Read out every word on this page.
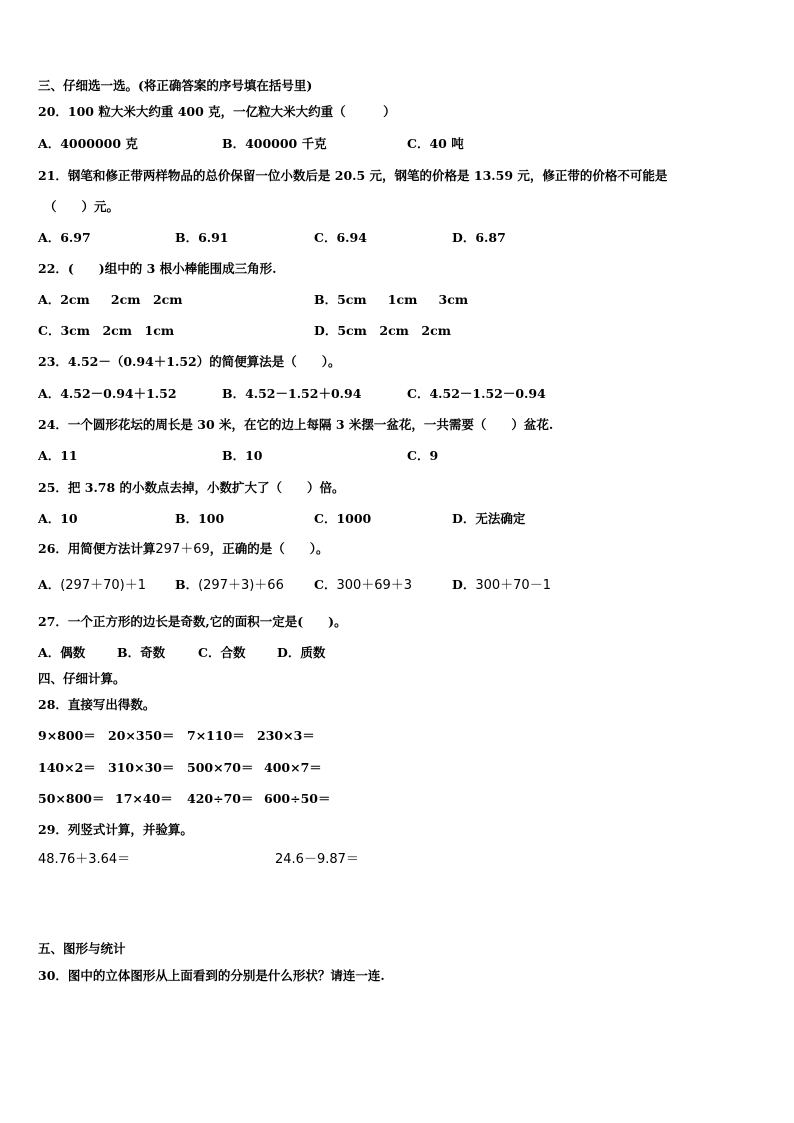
三、仔细选一选。(将正确答案的序号填在括号里)
20．100 粒大米大约重 400 克，一亿粒大米大约重（　　　）
A．4000000 克	B．400000 千克	C．40 吨
21．钢笔和修正带两样物品的总价保留一位小数后是 20.5 元，钢笔的价格是 13.59 元，修正带的价格不可能是
（　　）元。
A．6.97	B．6.91	C．6.94	D．6.87
22．(　　)组中的 3 根小棒能围成三角形.
A．2cm　  2cm　2cm	B．5cm　  1cm　  3cm
C．3cm　2cm　1cm	D．5cm　2cm　2cm
23．4.52－（0.94＋1.52）的简便算法是（　　）。
A．4.52－0.94＋1.52	B．4.52－1.52＋0.94	C．4.52－1.52－0.94
24．一个圆形花坛的周长是 30 米，在它的边上每隔 3 米摆一盆花，一共需要（　　）盆花.
A．11	B．10	C．9
25．把 3.78 的小数点去掉，小数扩大了（　　）倍。
A．10	B．100	C．1000	D．无法确定
26．用简便方法计算297＋69，正确的是（　　）。
A．(297＋70)＋1 B．(297＋3)＋66 C．300＋69＋3	D．300＋70－1
27．一个正方形的边长是奇数,它的面积一定是(　　)。
A．偶数	B．奇数	C．合数	D．质数
四、仔细计算。
28．直接写出得数。
9×800＝ 20×350＝ 7×110＝ 230×3＝
140×2＝ 310×30＝ 500×70＝ 400×7＝
50×800＝ 17×40＝ 420÷70＝ 600÷50＝
29．列竖式计算，并验算。
48.76＋3.64＝	24.6－9.87＝
五、图形与统计
30．图中的立体图形从上面看到的分别是什么形状？请连一连.
